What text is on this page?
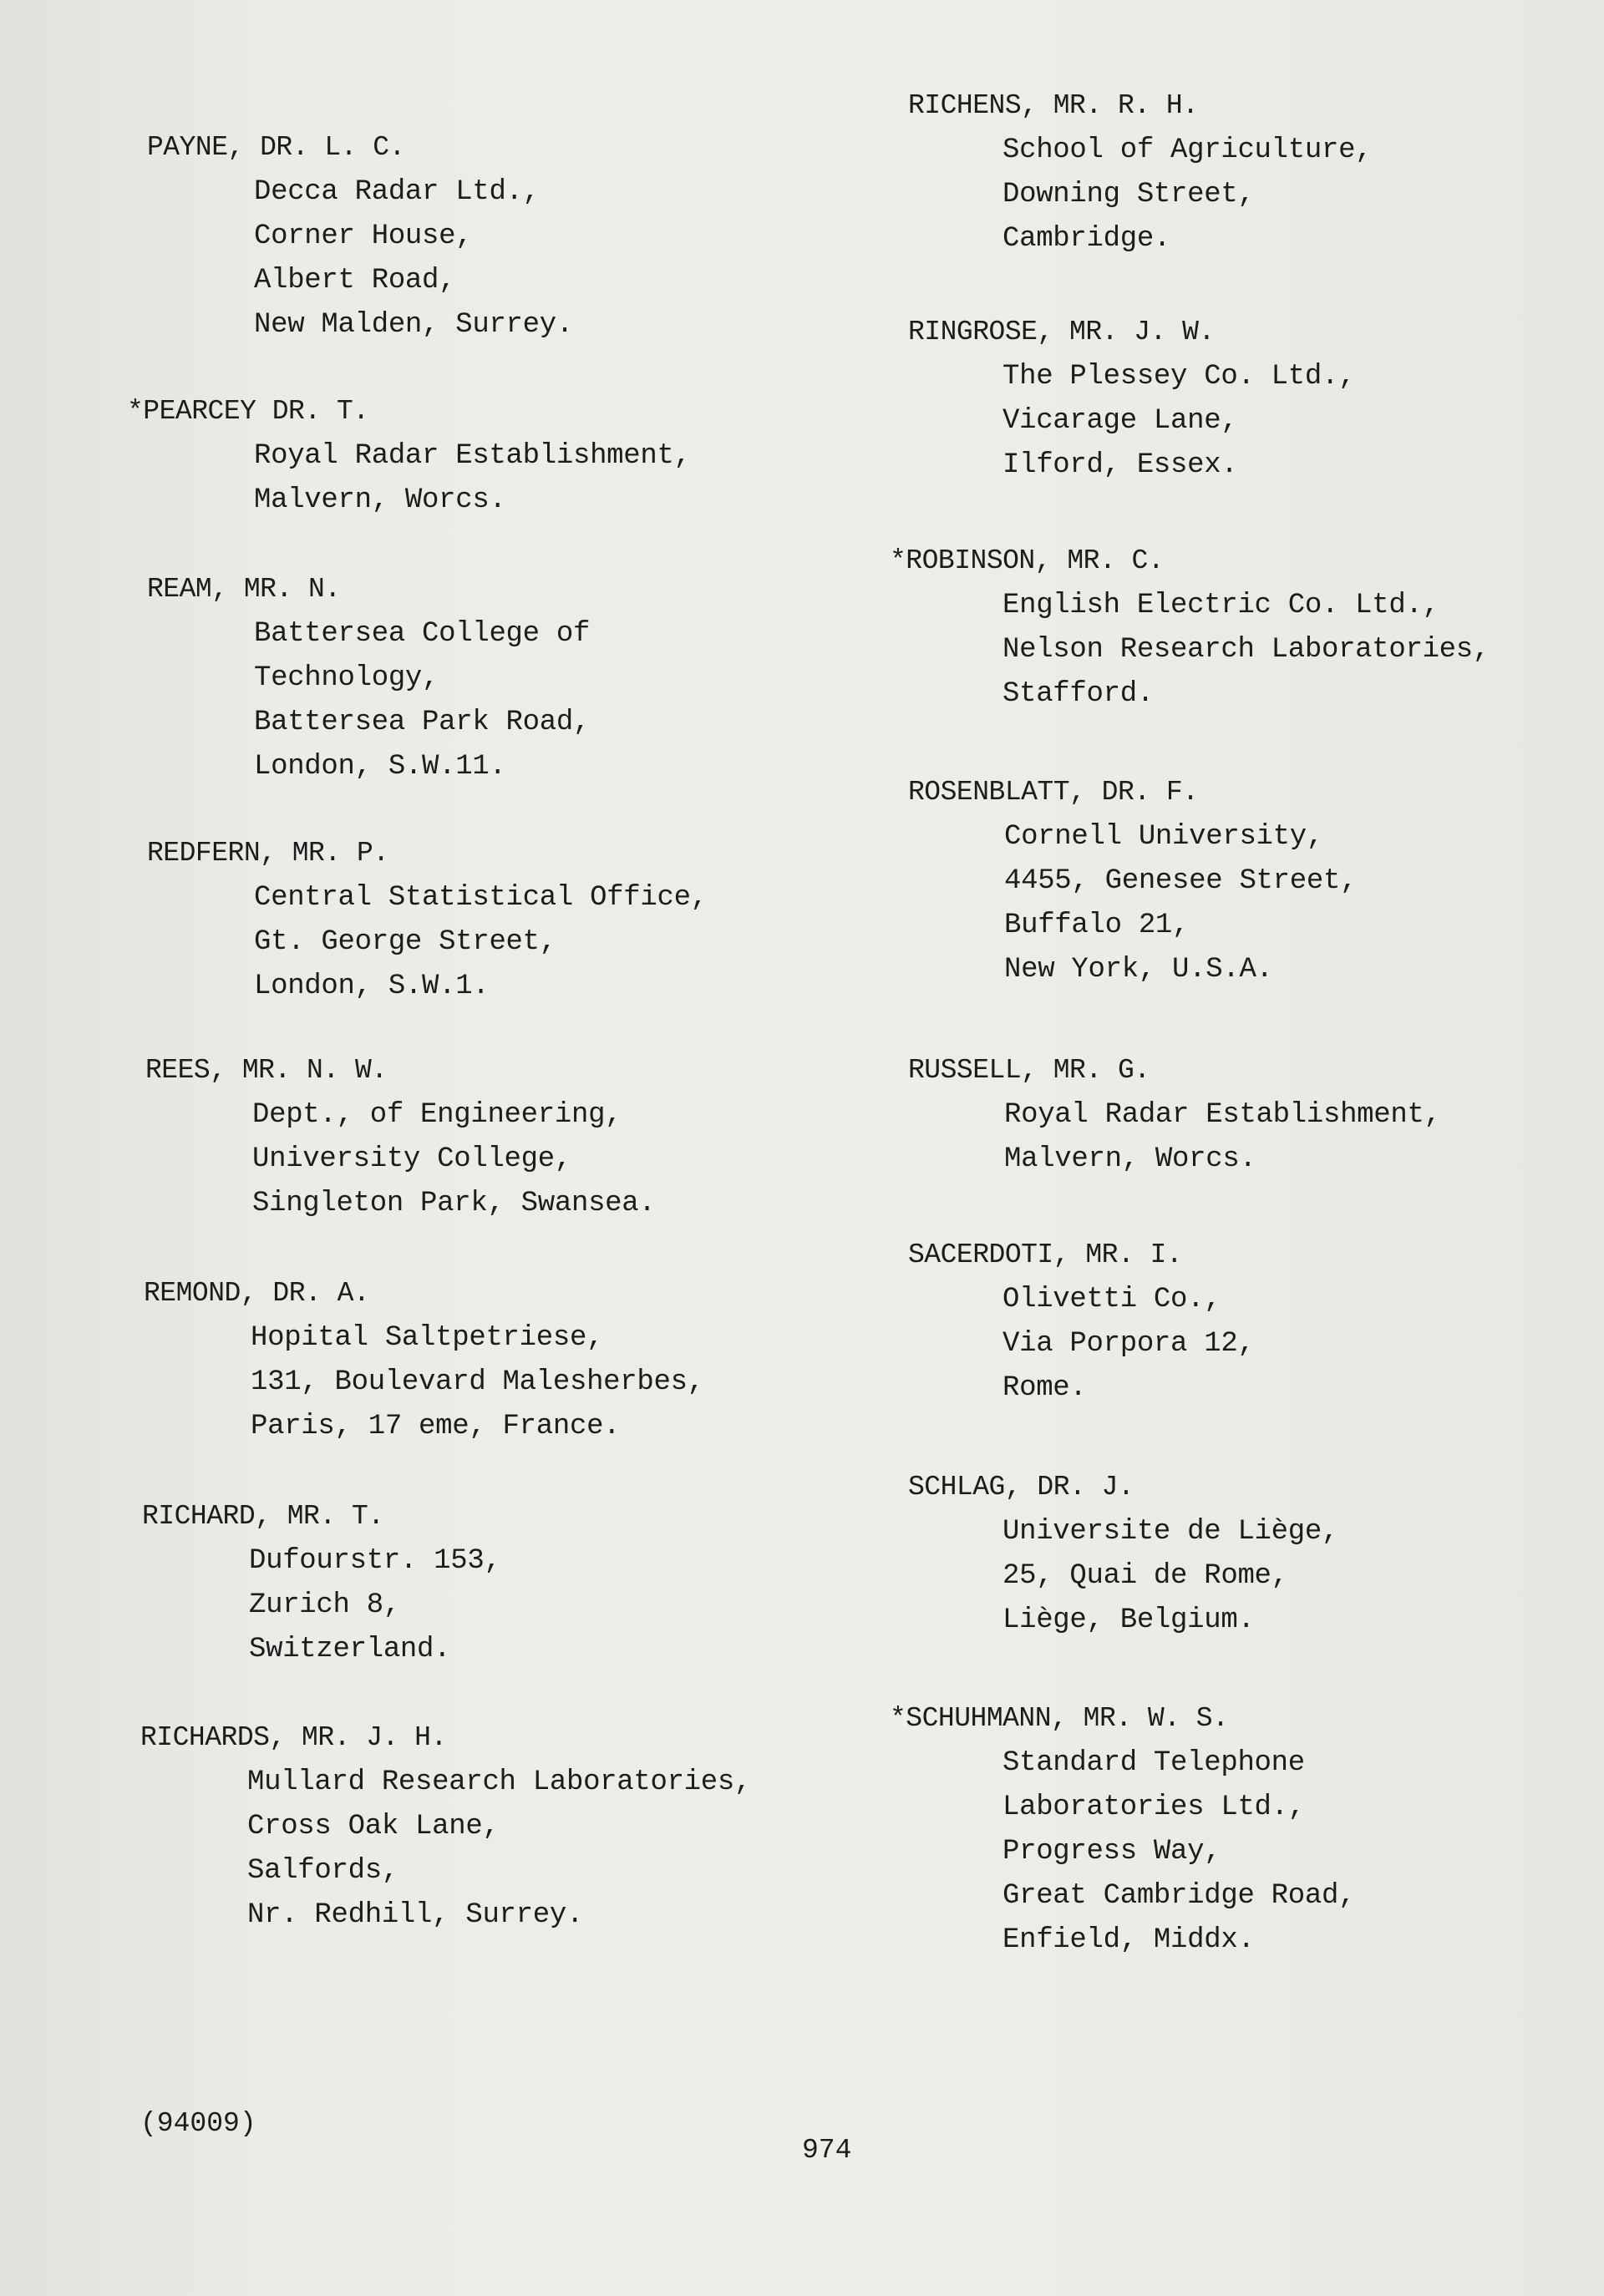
PAYNE, DR. L. C.
Decca Radar Ltd.,
Corner House,
Albert Road,
New Malden, Surrey.
*PEARCEY DR. T.
Royal Radar Establishment,
Malvern, Worcs.
REAM, MR. N.
Battersea College of
Technology,
Battersea Park Road,
London, S.W.11.
REDFERN, MR. P.
Central Statistical Office,
Gt. George Street,
London, S.W.1.
REES, MR. N. W.
Dept., of Engineering,
University College,
Singleton Park, Swansea.
REMOND, DR. A.
Hopital Saltpetriese,
131, Boulevard Malesherbes,
Paris, 17 eme, France.
RICHARD, MR. T.
Dufourstr. 153,
Zurich 8,
Switzerland.
RICHARDS, MR. J. H.
Mullard Research Laboratories,
Cross Oak Lane,
Salfords,
Nr. Redhill, Surrey.
RICHENS, MR. R. H.
School of Agriculture,
Downing Street,
Cambridge.
RINGROSE, MR. J. W.
The Plessey Co. Ltd.,
Vicarage Lane,
Ilford, Essex.
*ROBINSON, MR. C.
English Electric Co. Ltd.,
Nelson Research Laboratories,
Stafford.
ROSENBLATT, DR. F.
Cornell University,
4455, Genesee Street,
Buffalo 21,
New York, U.S.A.
RUSSELL, MR. G.
Royal Radar Establishment,
Malvern, Worcs.
SACERDOTI, MR. I.
Olivetti Co.,
Via Porpora 12,
Rome.
SCHLAG, DR. J.
Universite de Liège,
25, Quai de Rome,
Liège, Belgium.
*SCHUHMANN, MR. W. S.
Standard Telephone
Laboratories Ltd.,
Progress Way,
Great Cambridge Road,
Enfield, Middx.
(94009)
974
